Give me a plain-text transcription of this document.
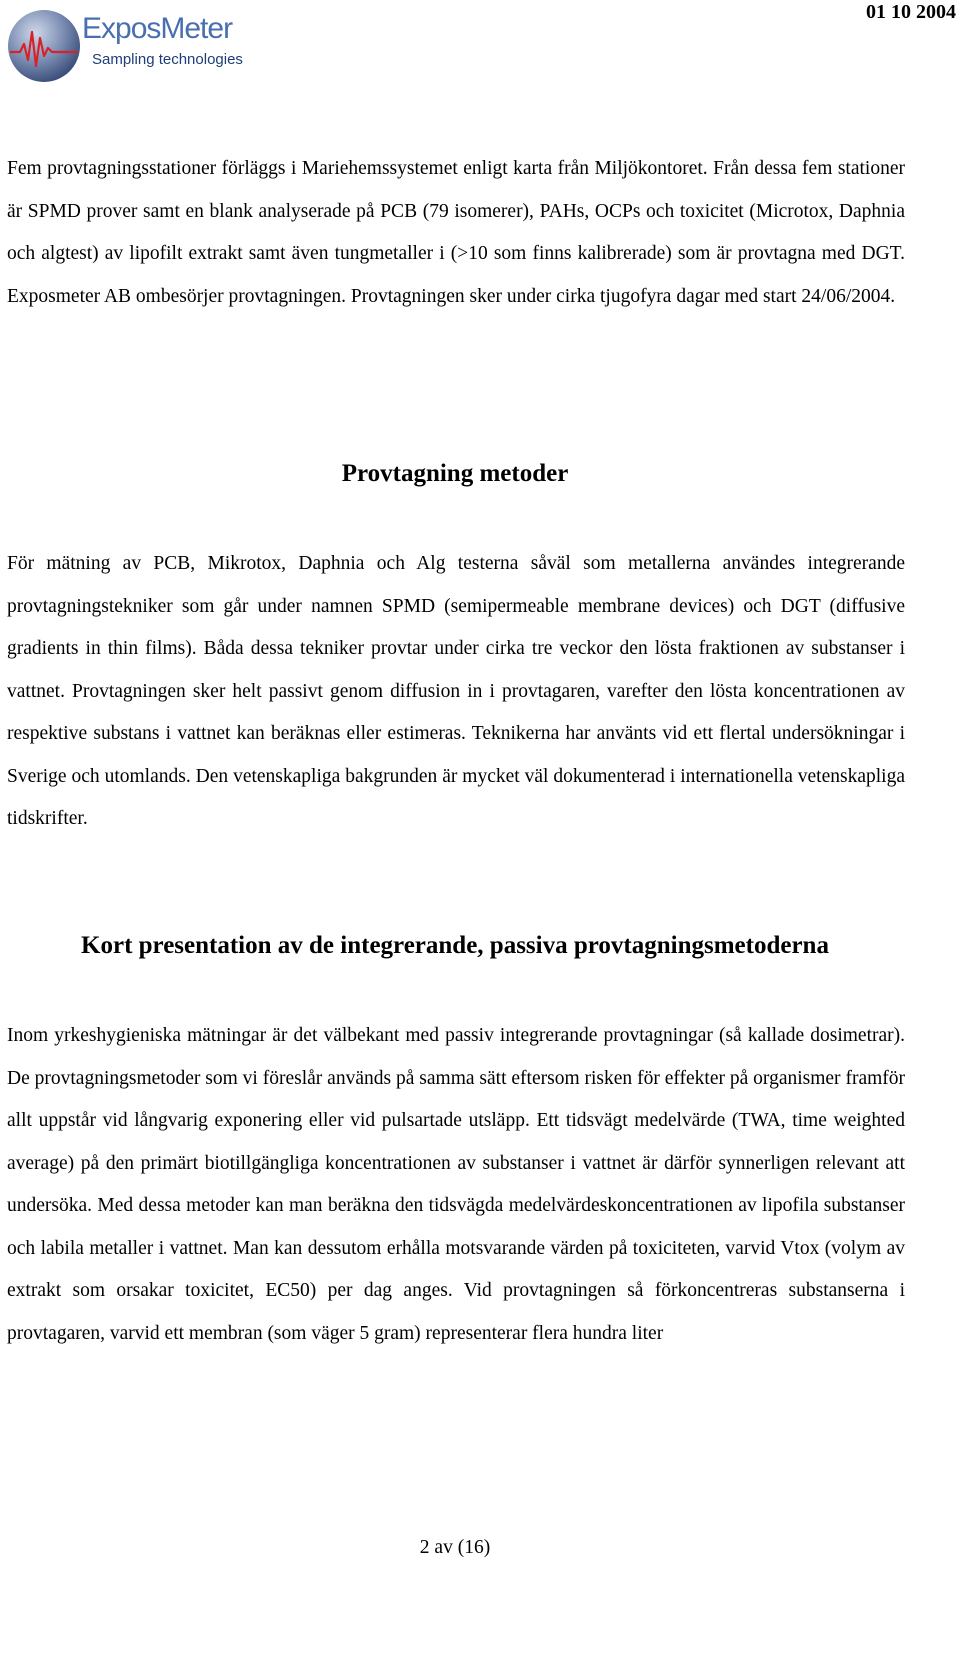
ExposMeter
Sampling technologies
01 10 2004

Fem provtagningsstationer förläggs i Mariehemssystemet enligt karta från Miljökontoret. Från dessa fem stationer är SPMD prover samt en blank analyserade på PCB (79 isomerer), PAHs, OCPs och toxicitet (Microtox, Daphnia och algtest) av lipofilt extrakt samt även tungmetaller i (>10 som finns kalibrerade) som är provtagna med DGT. Exposmeter AB ombesörjer provtagningen. Provtagningen sker under cirka tjugofyra dagar med start 24/06/2004.

Provtagning metoder

För mätning av PCB, Mikrotox, Daphnia och Alg testerna såväl som metallerna användes integrerande provtagningstekniker som går under namnen SPMD (semipermeable membrane devices) och DGT (diffusive gradients in thin films). Båda dessa tekniker provtar under cirka tre veckor den lösta fraktionen av substanser i vattnet. Provtagningen sker helt passivt genom diffusion in i provtagaren, varefter den lösta koncentrationen av respektive substans i vattnet kan beräknas eller estimeras. Teknikerna har använts vid ett flertal undersökningar i Sverige och utomlands. Den vetenskapliga bakgrunden är mycket väl dokumenterad i internationella vetenskapliga tidskrifter.

Kort presentation av de integrerande, passiva provtagningsmetoderna

Inom yrkeshygieniska mätningar är det välbekant med passiv integrerande provtagningar (så kallade dosimetrar). De provtagningsmetoder som vi föreslår används på samma sätt eftersom risken för effekter på organismer framför allt uppstår vid långvarig exponering eller vid pulsartade utsläpp. Ett tidsvägt medelvärde (TWA, time weighted average) på den primärt biotillgängliga koncentrationen av substanser i vattnet är därför synnerligen relevant att undersöka. Med dessa metoder kan man beräkna den tidsvägda medelvärdeskoncentrationen av lipofila substanser och labila metaller i vattnet. Man kan dessutom erhålla motsvarande värden på toxiciteten, varvid Vtox (volym av extrakt som orsakar toxicitet, EC50) per dag anges. Vid provtagningen så förkoncentreras substanserna i provtagaren, varvid ett membran (som väger 5 gram) representerar flera hundra liter

2 av (16)
